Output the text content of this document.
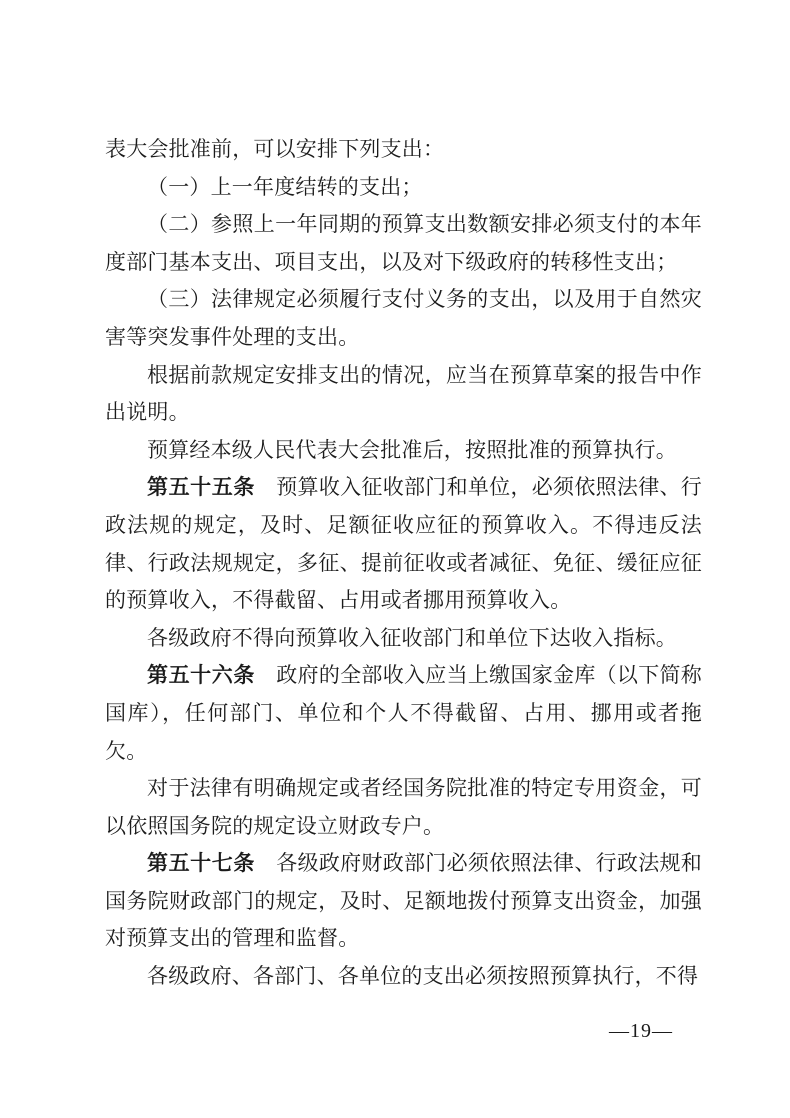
表大会批准前，可以安排下列支出：

（一）上一年度结转的支出；

（二）参照上一年同期的预算支出数额安排必须支付的本年度部门基本支出、项目支出，以及对下级政府的转移性支出；

（三）法律规定必须履行支付义务的支出，以及用于自然灾害等突发事件处理的支出。

根据前款规定安排支出的情况，应当在预算草案的报告中作出说明。

预算经本级人民代表大会批准后，按照批准的预算执行。

第五十五条　 预算收入征收部门和单位，必须依照法律、行政法规的规定，及时、足额征收应征的预算收入。不得违反法律、行政法规规定，多征、提前征收或者减征、免征、缓征应征的预算收入，不得截留、占用或者挪用预算收入。

各级政府不得向预算收入征收部门和单位下达收入指标。

第五十六条　 政府的全部收入应当上缴国家金库（以下简称国库），任何部门、单位和个人不得截留、占用、挪用或者拖欠。

对于法律有明确规定或者经国务院批准的特定专用资金，可以依照国务院的规定设立财政专户。

第五十七条　 各级政府财政部门必须依照法律、行政法规和国务院财政部门的规定，及时、足额地拨付预算支出资金，加强对预算支出的管理和监督。

各级政府、各部门、各单位的支出必须按照预算执行，不得

—19—
